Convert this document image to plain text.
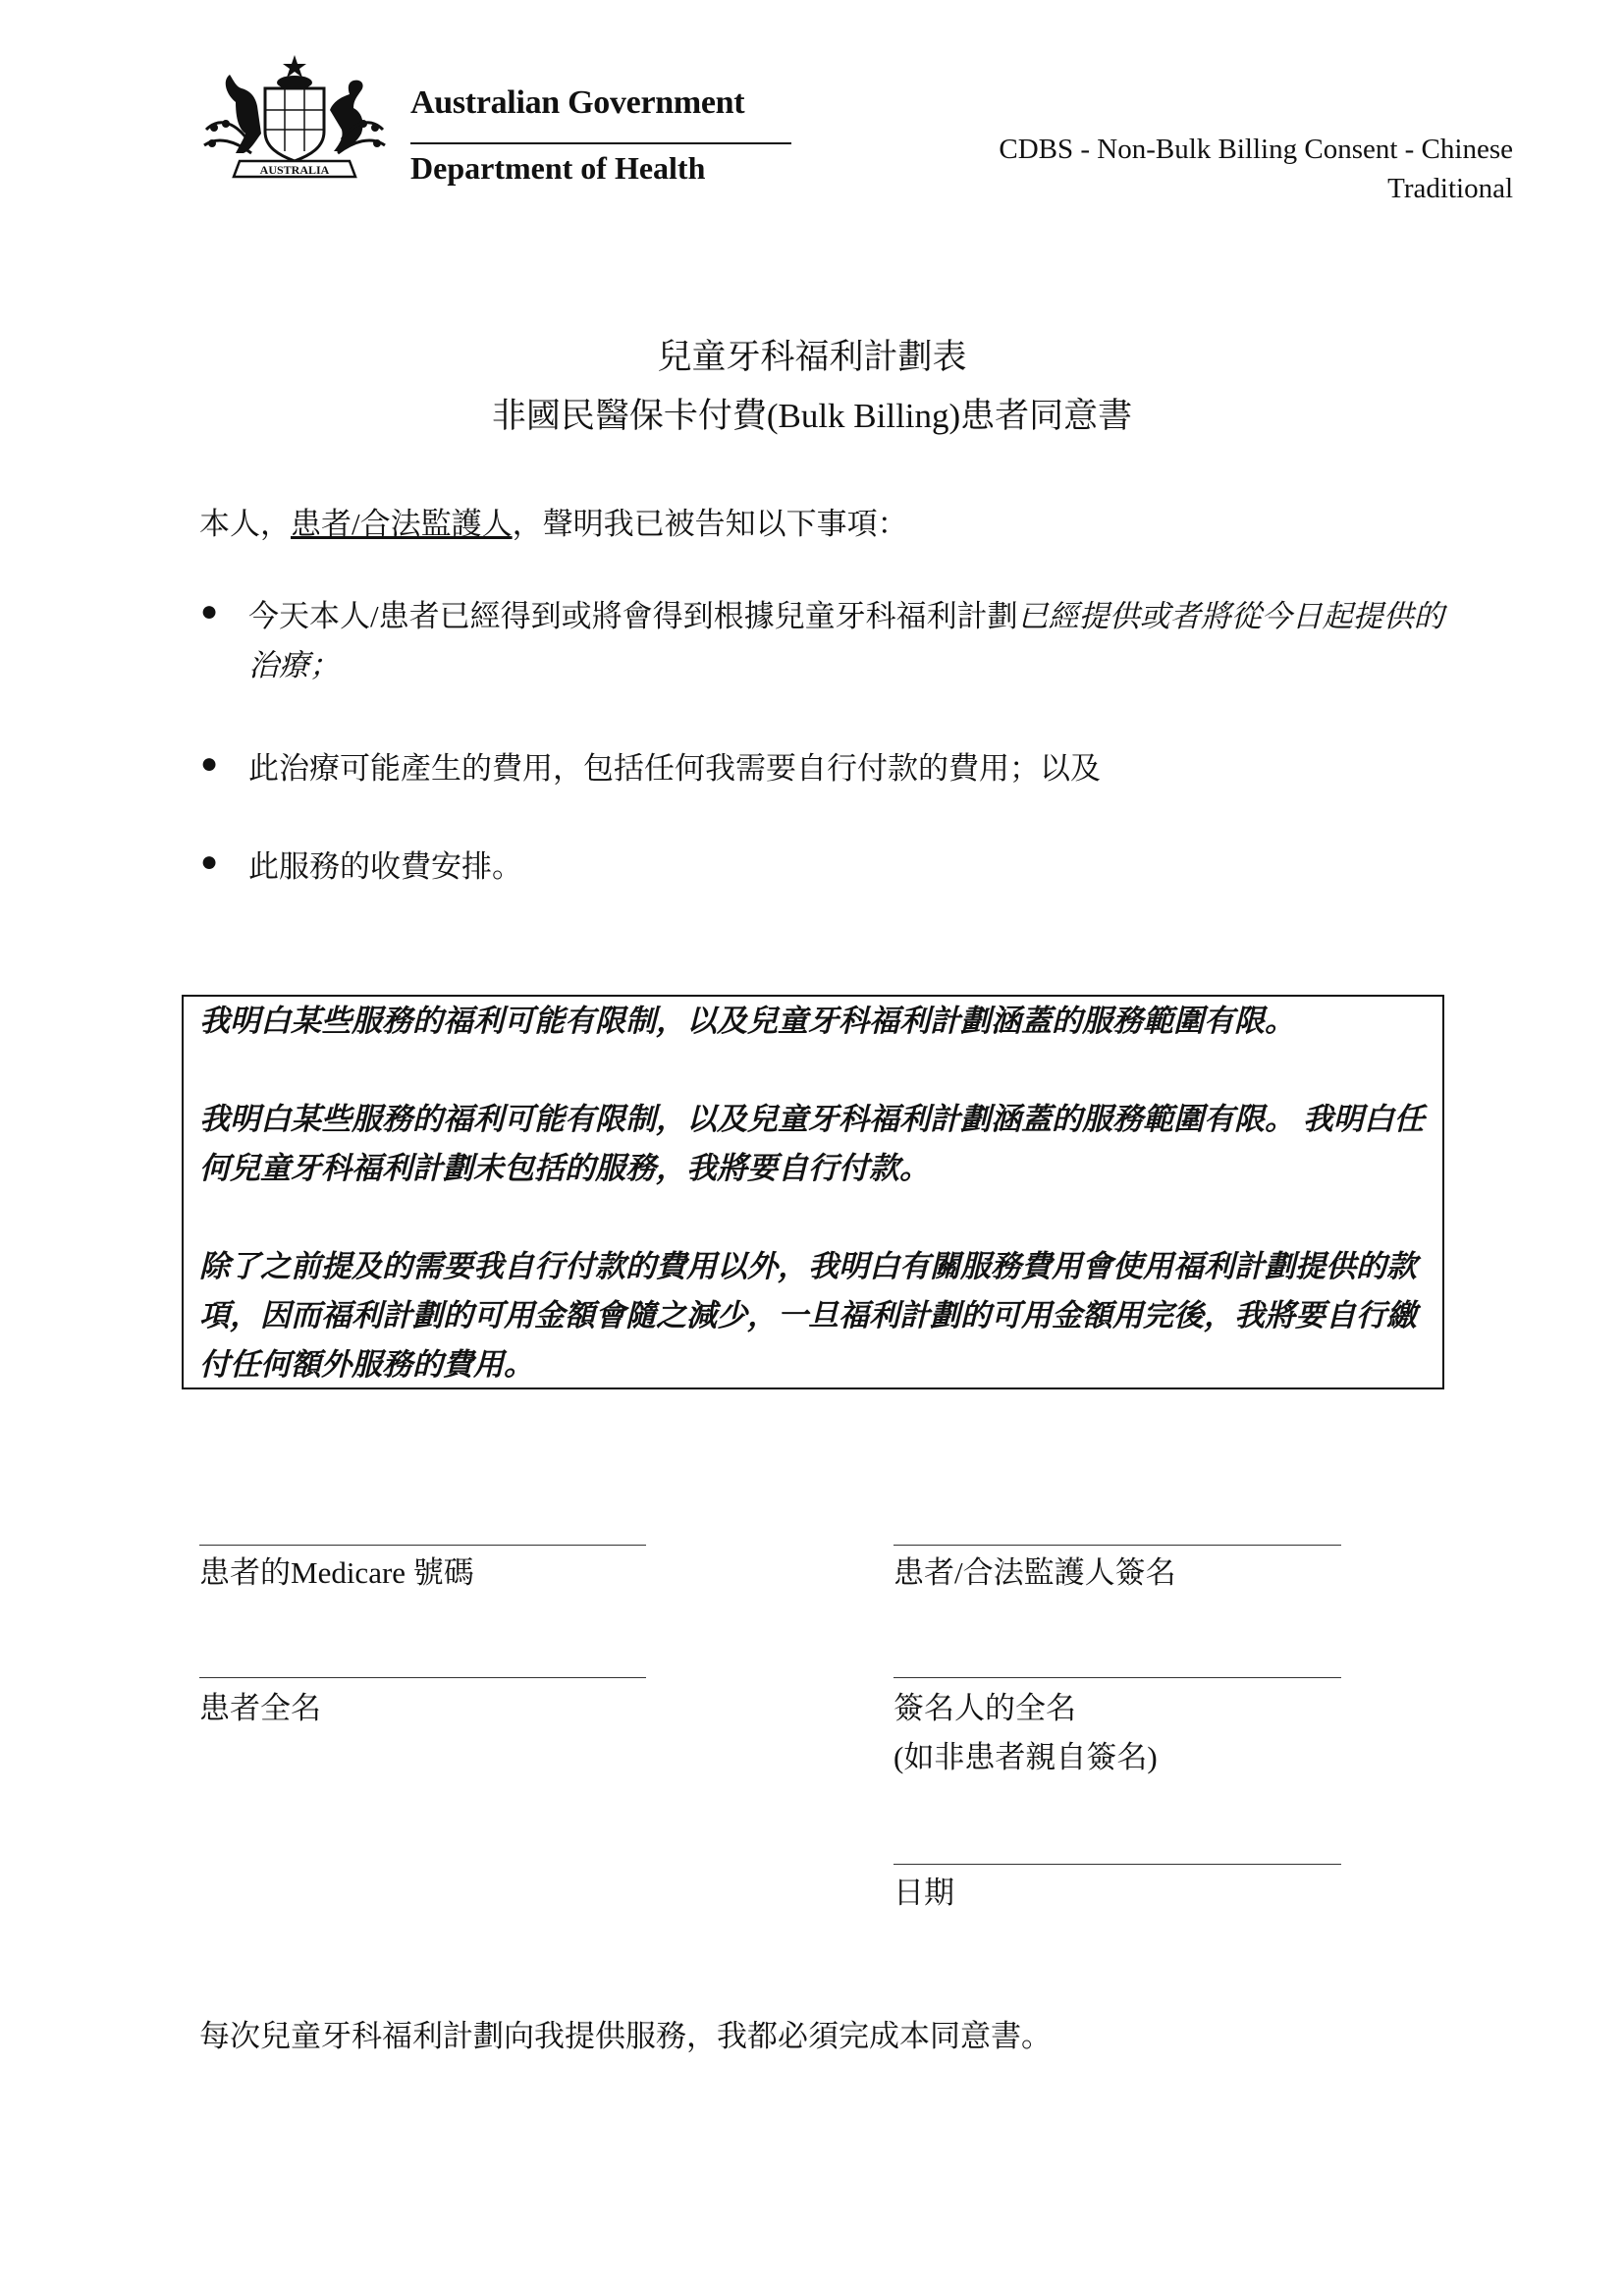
AUSTRALIA
Australian Government
Department of Health
CDBS - Non-Bulk Billing Consent - Chinese
Traditional
兒童牙科福利計劃表
非國民醫保卡付費(Bulk Billing)患者同意書
本人，患者/合法監護人，聲明我已被告知以下事項：
● 今天本人/患者已經得到或將會得到根據兒童牙科福利計劃已經提供或者將從今日起提供的治療；
● 此治療可能產生的費用，包括任何我需要自行付款的費用；以及
● 此服務的收費安排。
我明白某些服務的福利可能有限制，以及兒童牙科福利計劃涵蓋的服務範圍有限。
我明白某些服務的福利可能有限制，以及兒童牙科福利計劃涵蓋的服務範圍有限。 我明白任何兒童牙科福利計劃未包括的服務，我將要自行付款。
除了之前提及的需要我自行付款的費用以外，我明白有關服務費用會使用福利計劃提供的款項，因而福利計劃的可用金額會隨之減少，一旦福利計劃的可用金額用完後，我將要自行繳付任何額外服務的費用。
患者的Medicare 號碼	患者/合法監護人簽名
患者全名	簽名人的全名
(如非患者親自簽名)
日期
每次兒童牙科福利計劃向我提供服務，我都必須完成本同意書。
